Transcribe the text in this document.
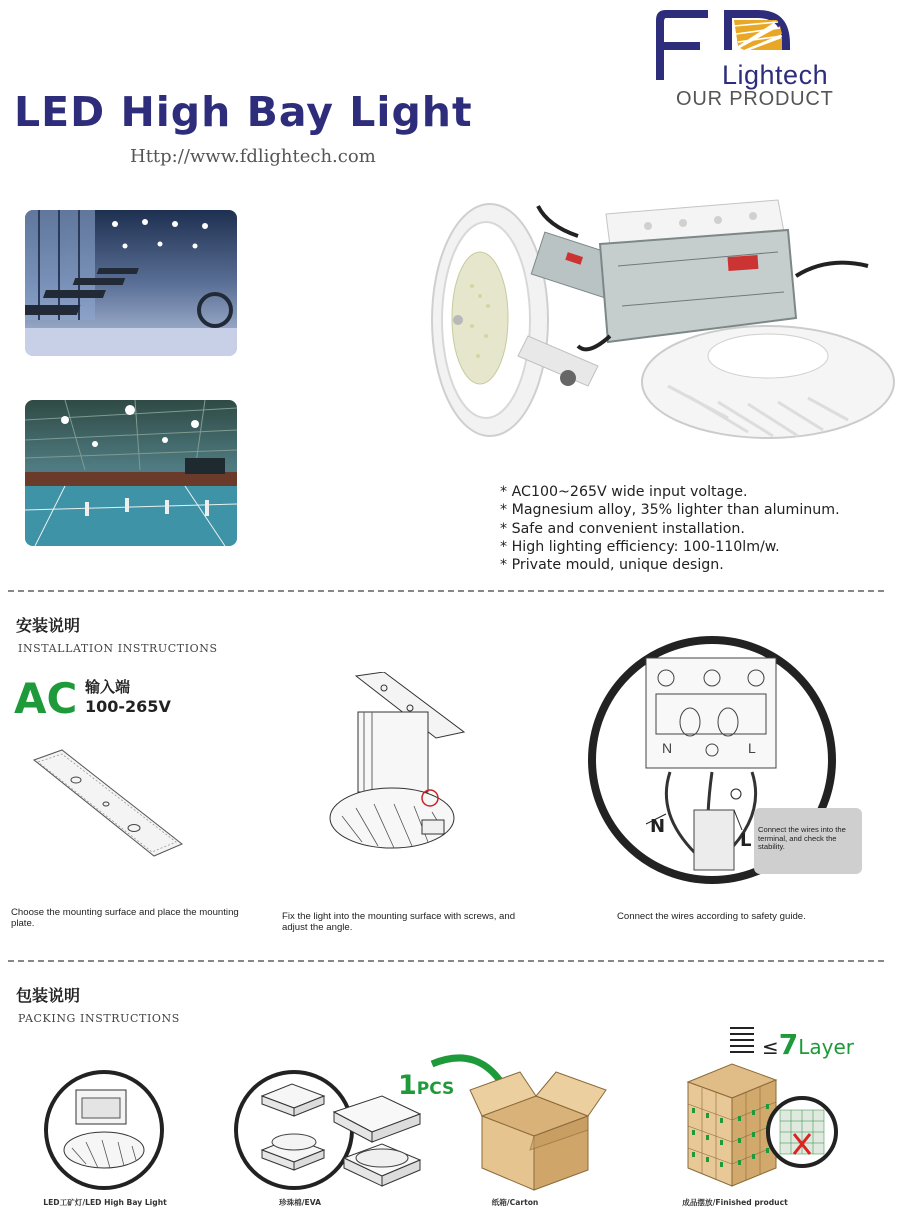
Lightech
OUR PRODUCT
LED High Bay Light
Http://www.fdlightech.com
* AC100~265V wide input voltage.
* Magnesium alloy, 35% lighter than aluminum.
* Safe and convenient installation.
* High lighting efficiency: 100-110lm/w.
* Private mould, unique design.
安装说明
INSTALLATION INSTRUCTIONS
AC 输入端
100-265V
N	L
N
L
Connect the wires into the terminal, and check the stability.
Choose the mounting surface and place the mounting plate.
Fix the light into the mounting surface with screws, and adjust the angle.
Connect the wires according to safety guide.
包装说明
PACKING INSTRUCTIONS
LED工矿灯/LED High Bay Light	珍珠棉/EVA
1PCS
纸箱/Carton
≤7Layer
成品摆放/Finished product
